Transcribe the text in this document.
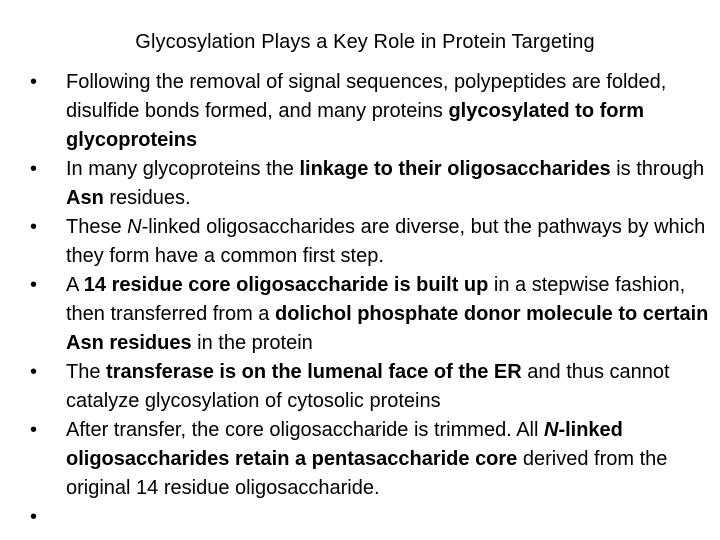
Glycosylation Plays a Key Role in Protein Targeting
• Following the removal of signal sequences, polypeptides are folded, disulfide bonds formed, and many proteins glycosylated to form glycoproteins
• In many glycoproteins the linkage to their oligosaccharides is through Asn residues.
• These N-linked oligosaccharides are diverse, but the pathways by which they form have a common first step.
• A 14 residue core oligosaccharide is built up in a stepwise fashion, then transferred from a dolichol phosphate donor molecule to certain Asn residues in the protein
• The transferase is on the lumenal face of the ER and thus cannot catalyze glycosylation of cytosolic proteins
• After transfer, the core oligosaccharide is trimmed. All N-linked oligosaccharides retain a pentasaccharide core derived from the original 14 residue oligosaccharide.
•
